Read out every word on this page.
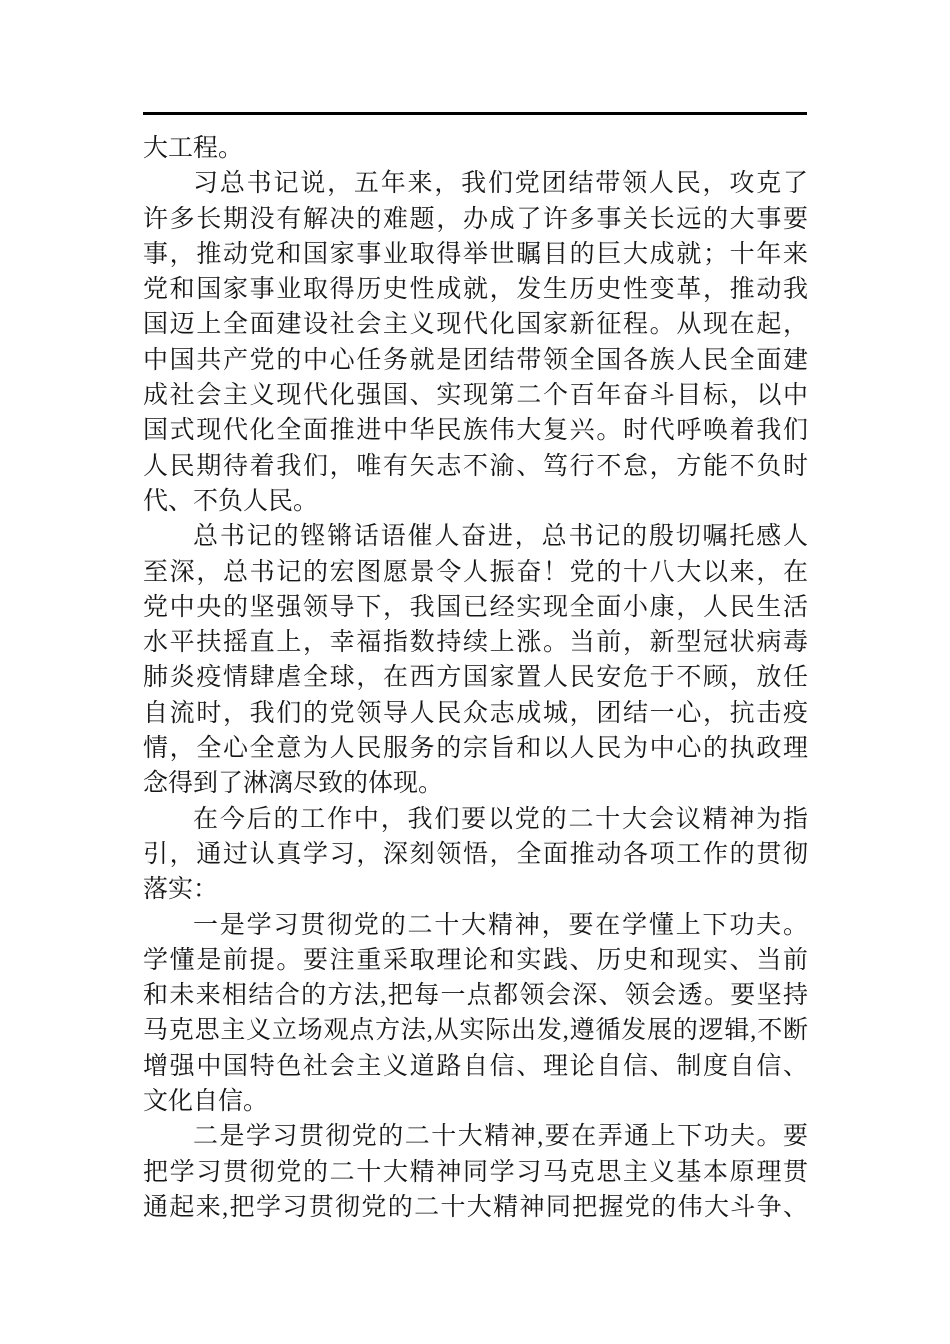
大工程。
习总书记说，五年来，我们党团结带领人民，攻克了
许多长期没有解决的难题，办成了许多事关长远的大事要
事，推动党和国家事业取得举世瞩目的巨大成就；十年来
党和国家事业取得历史性成就，发生历史性变革，推动我
国迈上全面建设社会主义现代化国家新征程。从现在起，
中国共产党的中心任务就是团结带领全国各族人民全面建
成社会主义现代化强国、实现第二个百年奋斗目标，以中
国式现代化全面推进中华民族伟大复兴。时代呼唤着我们
人民期待着我们，唯有矢志不渝、笃行不怠，方能不负时
代、不负人民。
总书记的铿锵话语催人奋进，总书记的殷切嘱托感人
至深，总书记的宏图愿景令人振奋！党的十八大以来，在
党中央的坚强领导下，我国已经实现全面小康，人民生活
水平扶摇直上，幸福指数持续上涨。当前，新型冠状病毒
肺炎疫情肆虐全球，在西方国家置人民安危于不顾，放任
自流时，我们的党领导人民众志成城，团结一心，抗击疫
情，全心全意为人民服务的宗旨和以人民为中心的执政理
念得到了淋漓尽致的体现。
在今后的工作中，我们要以党的二十大会议精神为指
引，通过认真学习，深刻领悟，全面推动各项工作的贯彻
落实：
一是学习贯彻党的二十大精神，要在学懂上下功夫。
学懂是前提。要注重采取理论和实践、历史和现实、当前
和未来相结合的方法,把每一点都领会深、领会透。要坚持
马克思主义立场观点方法,从实际出发,遵循发展的逻辑,不断
增强中国特色社会主义道路自信、理论自信、制度自信、
文化自信。
二是学习贯彻党的二十大精神,要在弄通上下功夫。要
把学习贯彻党的二十大精神同学习马克思主义基本原理贯
通起来,把学习贯彻党的二十大精神同把握党的伟大斗争、
